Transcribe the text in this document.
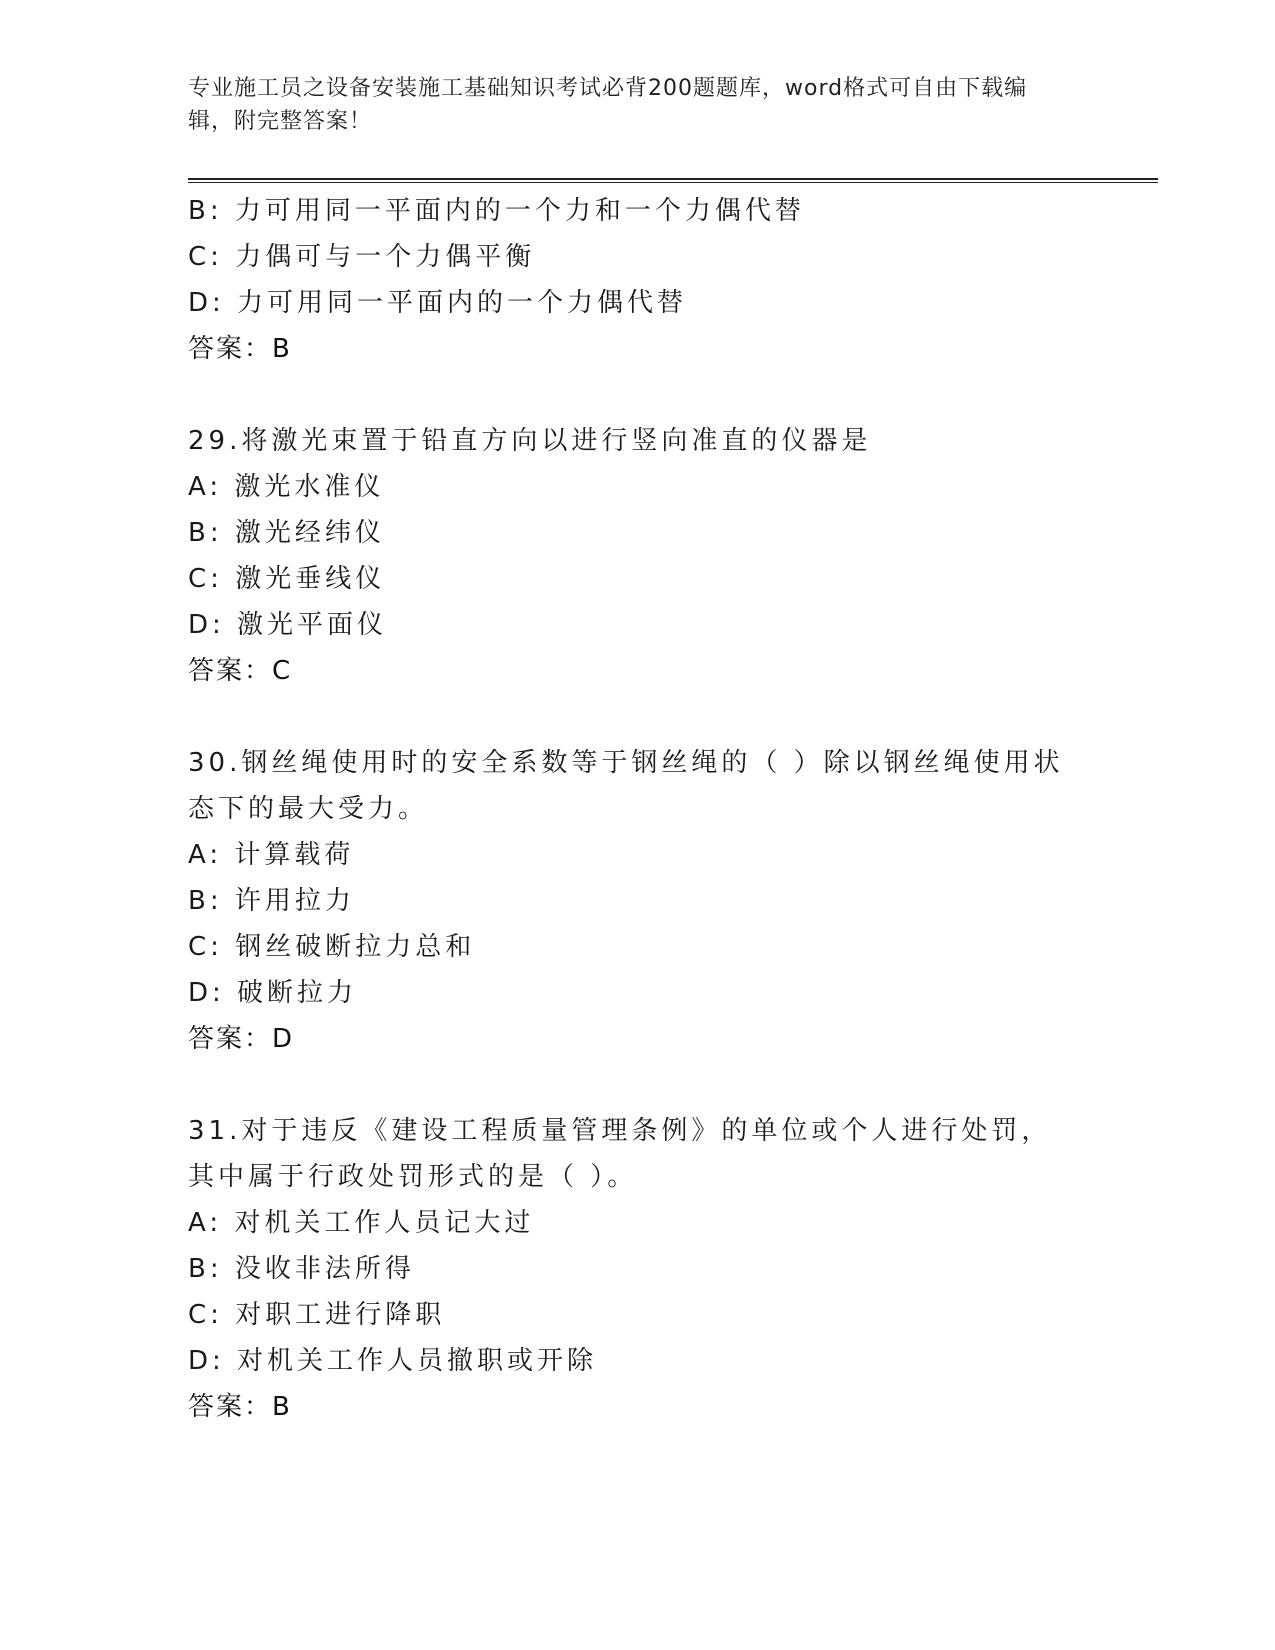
专业施工员之设备安装施工基础知识考试必背200题题库，word格式可自由下载编辑，附完整答案！
B: 力可用同一平面内的一个力和一个力偶代替
C: 力偶可与一个力偶平衡
D: 力可用同一平面内的一个力偶代替
答案：B
29.将激光束置于铅直方向以进行竖向准直的仪器是
A: 激光水准仪
B: 激光经纬仪
C: 激光垂线仪
D: 激光平面仪
答案：C
30.钢丝绳使用时的安全系数等于钢丝绳的（ ）除以钢丝绳使用状态下的最大受力。
A: 计算载荷
B: 许用拉力
C: 钢丝破断拉力总和
D: 破断拉力
答案：D
31.对于违反《建设工程质量管理条例》的单位或个人进行处罚，其中属于行政处罚形式的是（ ）。
A: 对机关工作人员记大过
B: 没收非法所得
C: 对职工进行降职
D: 对机关工作人员撤职或开除
答案：B
